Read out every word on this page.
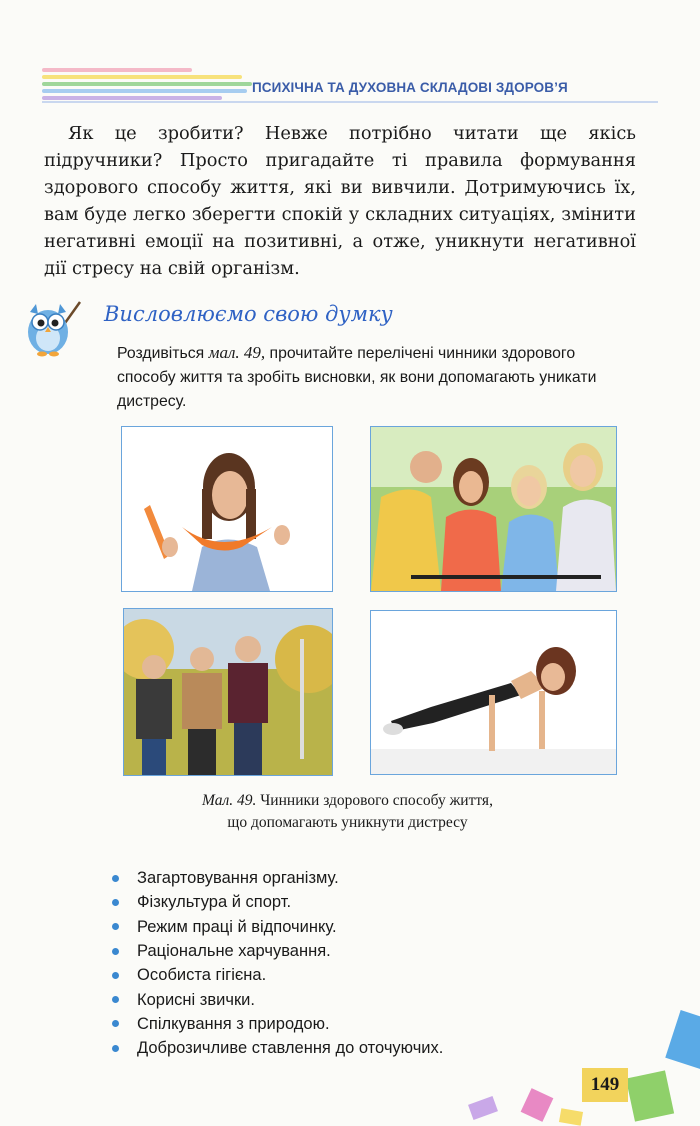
ПСИХІЧНА ТА ДУХОВНА СКЛАДОВІ ЗДОРОВ’Я

Як це зробити? Невже потрібно читати ще якісь підручники? Просто пригадайте ті правила формування здорового способу життя, які ви вивчили. Дотримуючись їх, вам буде легко зберегти спокій у складних ситуаціях, змінити негативні емоції на позитивні, а отже, уникнути негативної дії стресу на свій організм.

Висловлюємо свою думку

Роздивіться мал. 49, прочитайте перелічені чинники здорового способу життя та зробіть висновки, як вони допомагають уникати дистресу.

Мал. 49. Чинники здорового способу життя,
що допомагають уникнути дистресу
Загартовування організму.
Фізкультура й спорт.
Режим праці й відпочинку.
Раціональне харчування.
Особиста гігієна.
Корисні звички.
Спілкування з природою.
Доброзичливе ставлення до оточуючих.
149
